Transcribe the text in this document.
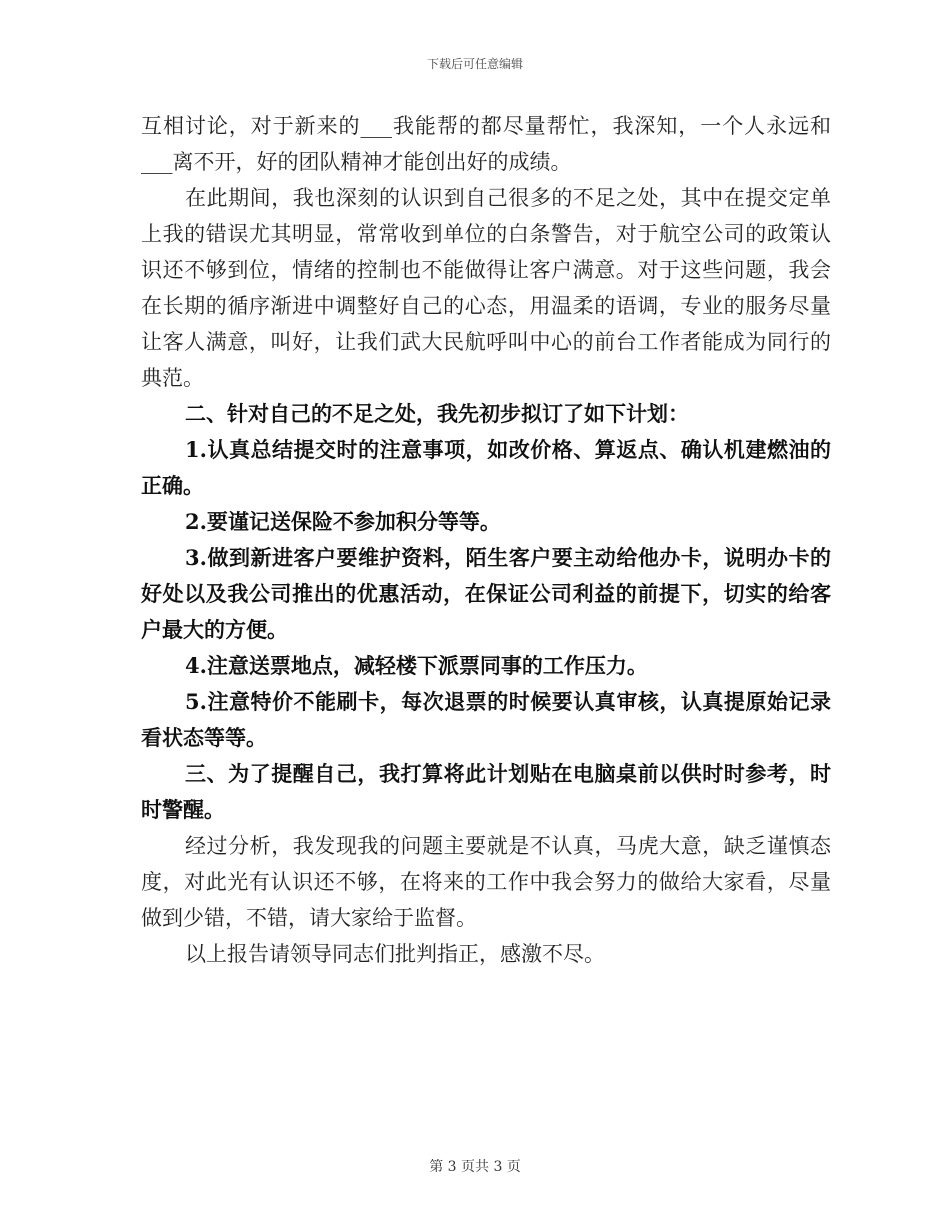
下载后可任意编辑

互相讨论，对于新来的___我能帮的都尽量帮忙，我深知，一个人永远和___离不开，好的团队精神才能创出好的成绩。

在此期间，我也深刻的认识到自己很多的不足之处，其中在提交定单上我的错误尤其明显，常常收到单位的白条警告，对于航空公司的政策认识还不够到位，情绪的控制也不能做得让客户满意。对于这些问题，我会在长期的循序渐进中调整好自己的心态，用温柔的语调，专业的服务尽量让客人满意，叫好，让我们武大民航呼叫中心的前台工作者能成为同行的典范。

二、针对自己的不足之处，我先初步拟订了如下计划：

1.认真总结提交时的注意事项，如改价格、算返点、确认机建燃油的正确。

2.要谨记送保险不参加积分等等。

3.做到新进客户要维护资料，陌生客户要主动给他办卡，说明办卡的好处以及我公司推出的优惠活动，在保证公司利益的前提下，切实的给客户最大的方便。

4.注意送票地点，减轻楼下派票同事的工作压力。

5.注意特价不能刷卡，每次退票的时候要认真审核，认真提原始记录看状态等等。

三、为了提醒自己，我打算将此计划贴在电脑桌前以供时时参考，时时警醒。

经过分析，我发现我的问题主要就是不认真，马虎大意，缺乏谨慎态度，对此光有认识还不够，在将来的工作中我会努力的做给大家看，尽量做到少错，不错，请大家给于监督。

以上报告请领导同志们批判指正，感激不尽。

第 3 页共 3 页
